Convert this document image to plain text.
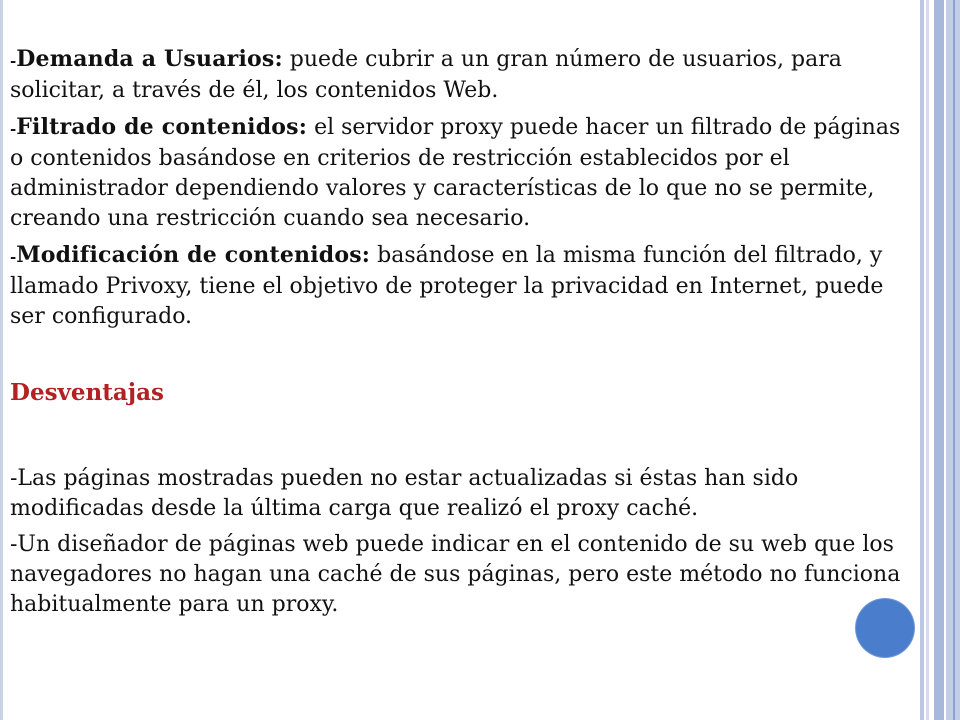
-Demanda a Usuarios: puede cubrir a un gran número de usuarios, para solicitar, a través de él, los contenidos Web.

-Filtrado de contenidos: el servidor proxy puede hacer un filtrado de páginas o contenidos basándose en criterios de restricción establecidos por el administrador dependiendo valores y características de lo que no se permite, creando una restricción cuando sea necesario.

-Modificación de contenidos: basándose en la misma función del filtrado, y llamado Privoxy, tiene el objetivo de proteger la privacidad en Internet, puede ser configurado.

Desventajas

-Las páginas mostradas pueden no estar actualizadas si éstas han sido modificadas desde la última carga que realizó el proxy caché.

-Un diseñador de páginas web puede indicar en el contenido de su web que los navegadores no hagan una caché de sus páginas, pero este método no funciona habitualmente para un proxy.
